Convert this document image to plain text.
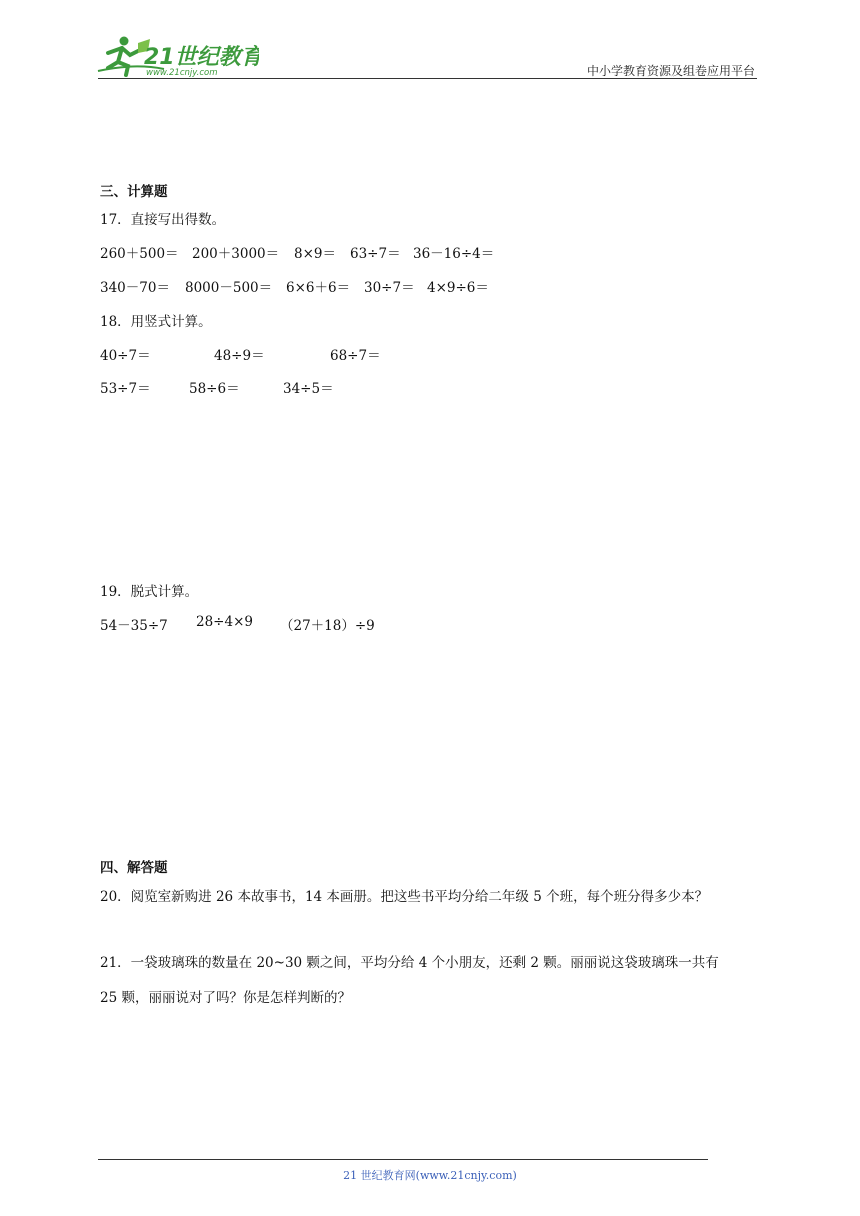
21世纪教育
www.21cnjy.com	中小学教育资源及组卷应用平台
三、计算题
17．直接写出得数。
260＋500＝ 200＋3000＝ 8×9＝ 63÷7＝ 36－16÷4＝
340－70＝ 8000－500＝ 6×6＋6＝ 30÷7＝ 4×9÷6＝
18．用竖式计算。
40÷7＝	48÷9＝	68÷7＝
53÷7＝	58÷6＝	34÷5＝
19．脱式计算。
54－35÷7 28÷4×9 （27＋18）÷9
四、解答题
20．阅览室新购进 26 本故事书，14 本画册。把这些书平均分给二年级 5 个班，每个班分得多少本？
21．一袋玻璃珠的数量在 20~30 颗之间，平均分给 4 个小朋友，还剩 2 颗。丽丽说这袋玻璃珠一共有
25 颗，丽丽说对了吗？你是怎样判断的？
21 世纪教育网(www.21cnjy.com)
